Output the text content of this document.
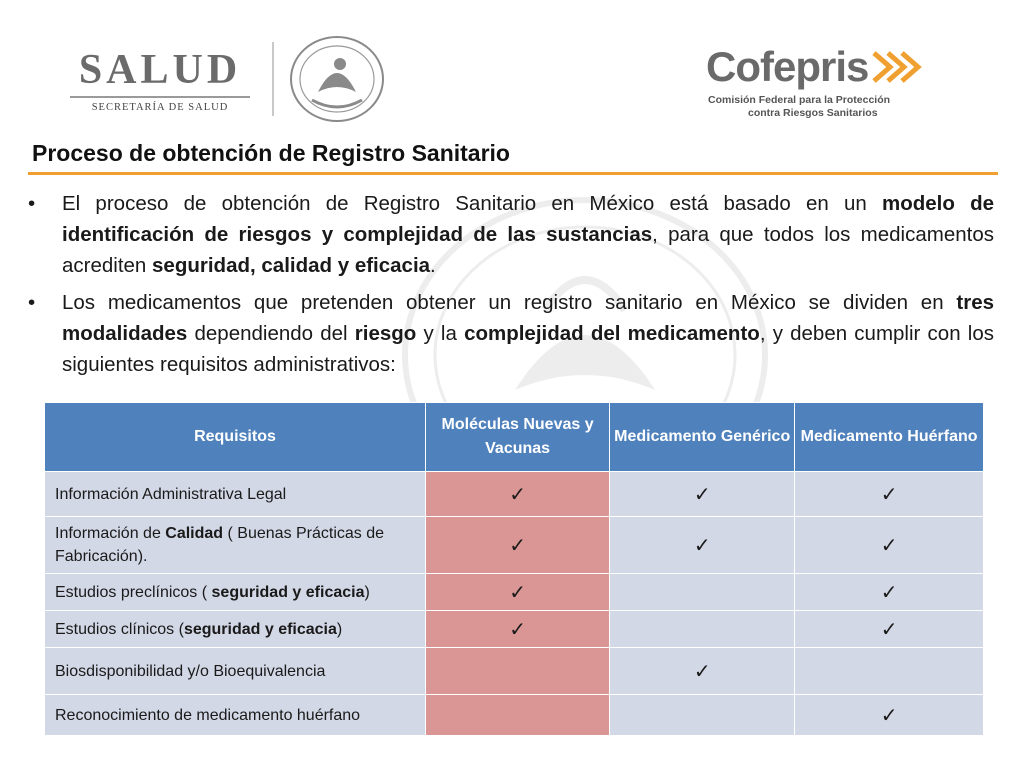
SALUD
SECRETARÍA DE SALUD
Cofepris
Comisión Federal para la Protección
contra Riesgos Sanitarios
Proceso de obtención de Registro Sanitario
•	El proceso de obtención de Registro Sanitario en México está basado en un modelo de identificación de riesgos y complejidad de las sustancias, para que todos los medicamentos acrediten seguridad, calidad y eficacia.
•	Los medicamentos que pretenden obtener un registro sanitario en México se dividen en tres modalidades dependiendo del riesgo y la complejidad del medicamento, y deben cumplir con los siguientes requisitos administrativos:
Requisitos	Moléculas Nuevas y Vacunas	Medicamento Genérico	Medicamento Huérfano
Información Administrativa Legal	✓	✓	✓
Información de Calidad ( Buenas Prácticas de Fabricación).	✓	✓	✓
Estudios preclínicos ( seguridad y eficacia)	✓		✓
Estudios clínicos (seguridad y eficacia)	✓		✓
Biosdisponibilidad y/o Bioequivalencia		✓	
Reconocimiento de medicamento huérfano			✓
